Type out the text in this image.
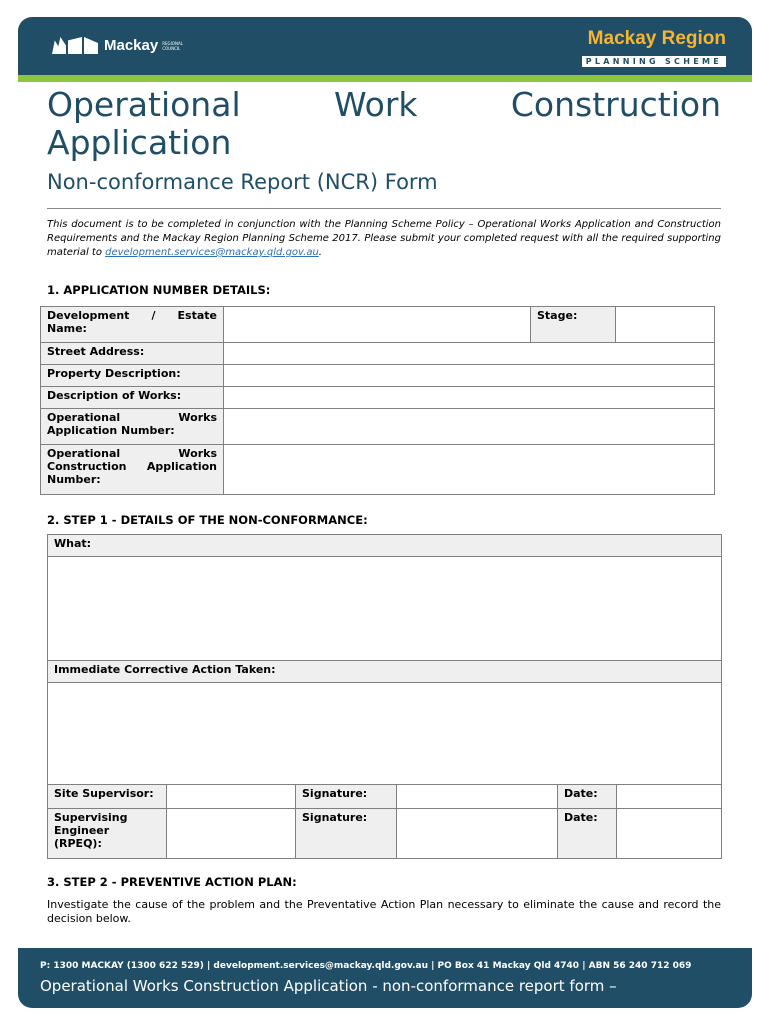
Mackay REGIONAL COUNCIL	Mackay Region
PLANNING SCHEME
Operational Work Construction Application
Non-conformance Report (NCR) Form
This document is to be completed in conjunction with the Planning Scheme Policy – Operational Works Application and Construction Requirements and the Mackay Region Planning Scheme 2017. Please submit your completed request with all the required supporting material to development.services@mackay.qld.gov.au.
1. APPLICATION NUMBER DETAILS:
Development / Estate Name:		Stage:	
Street Address:			
Property Description:			
Description of Works:			

Operational Works Application Number:			

Operational Works Construction Application Number:			

2. STEP 1 - DETAILS OF THE NON-CONFORMANCE:
What:					

Immediate Corrective Action Taken:					

Site Supervisor:		Signature:		Date:	
Supervising Engineer (RPEQ):		Signature:		Date:	
3. STEP 2 - PREVENTIVE ACTION PLAN:
Investigate the cause of the problem and the Preventative Action Plan necessary to eliminate the cause and record the decision below.
P: 1300 MACKAY (1300 622 529) | development.services@mackay.qld.gov.au | PO Box 41 Mackay Qld 4740 | ABN 56 240 712 069
Operational Works Construction Application - non-conformance report form –
